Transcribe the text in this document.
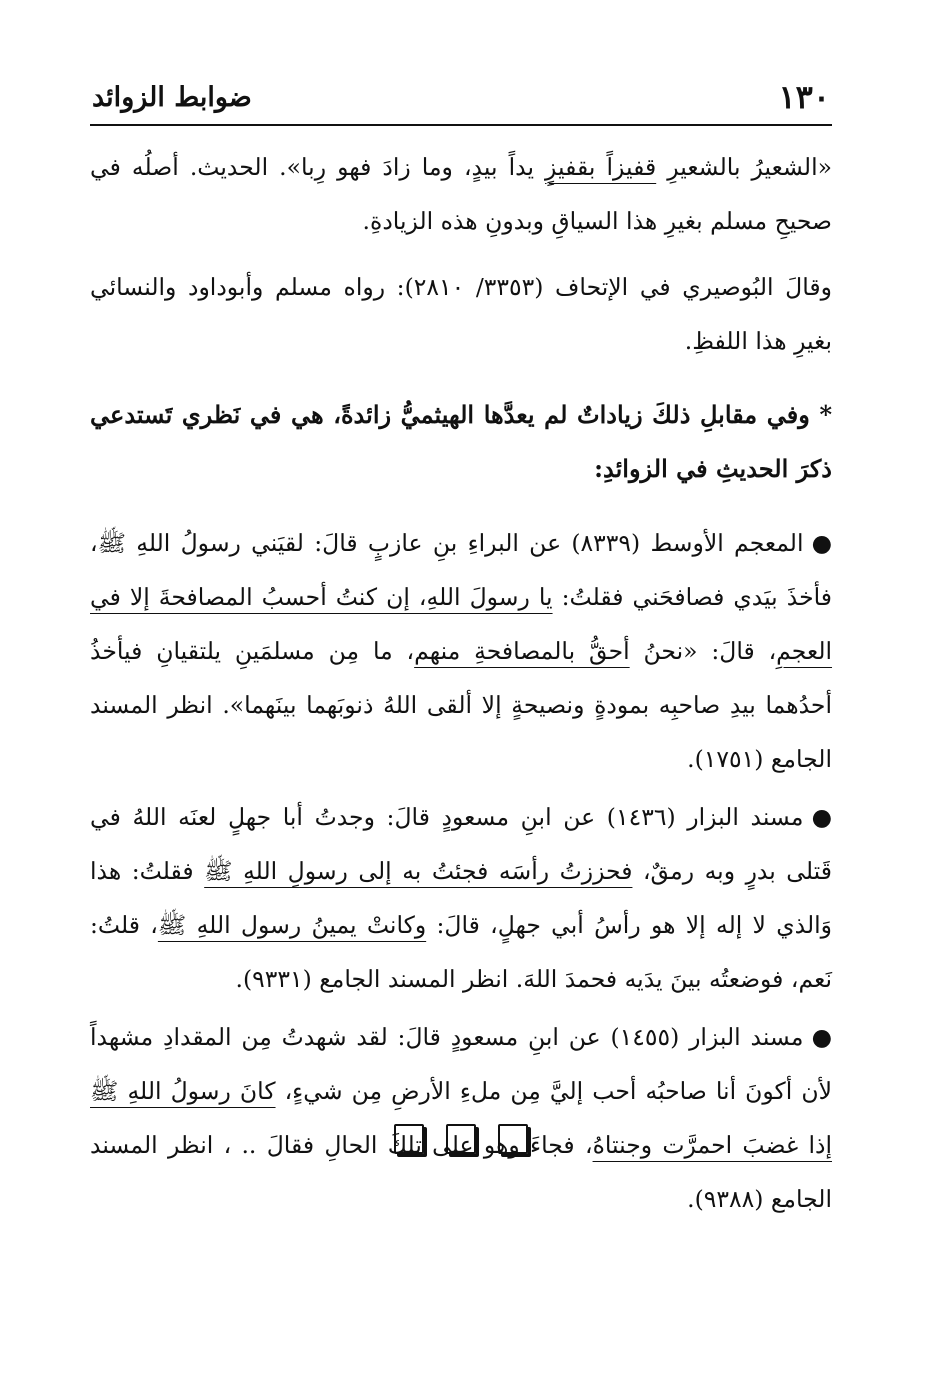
١٣٠
ضوابط الزوائد

«الشعيرُ بالشعيرِ قفيزاً بقفيزٍ يداً بيدٍ، وما زادَ فهو رِبا». الحديث. أصلُه في صحيحِ مسلم بغيرِ هذا السياقِ وبدونِ هذه الزيادةِ.

وقالَ البُوصيري في الإتحاف (٣٣٥٣/ ٢٨١٠): رواه مسلم وأبوداود والنسائي بغيرِ هذا اللفظِ.

* وفي مقابلِ ذلكَ زياداتٌ لم يعدَّها الهيثميُّ زائدةً، هي في نَظري تَستدعي ذكرَ الحديثِ في الزوائدِ:

●المعجم الأوسط (٨٣٣٩) عن البراءِ بنِ عازبٍ قالَ: لقيَني رسولُ اللهِ ﷺ، فأخذَ بيَدي فصافحَني فقلتُ: يا رسولَ اللهِ، إن كنتُ أحسبُ المصافحةَ إلا في العجمِ، قالَ: «نحنُ أحقُّ بالمصافحةِ منهم، ما مِن مسلمَينِ يلتقيانِ فيأخذُ أحدُهما بيدِ صاحبِه بمودةٍ ونصيحةٍ إلا ألقى اللهُ ذنوبَهما بينَهما». انظر المسند الجامع (١٧٥١).

●مسند البزار (١٤٣٦) عن ابنِ مسعودٍ قالَ: وجدتُ أبا جهلٍ لعنَه اللهُ في قَتلى بدرٍ وبه رمقٌ، فحززتُ رأسَه فجئتُ به إلى رسولِ اللهِ ﷺ فقلتُ: هذا وَالذي لا إله إلا هو رأسُ أبي جهلٍ، قالَ: وكانتْ يمينُ رسول اللهِ ﷺ، قلتُ: نَعم، فوضعتُه بينَ يدَيه فحمدَ اللهَ. انظر المسند الجامع (٩٣٣١).

●مسند البزار (١٤٥٥) عن ابنِ مسعودٍ قالَ: لقد شهدتُ مِن المقدادِ مشهداً لأن أكونَ أنا صاحبُه أحب إليَّ مِن ملءِ الأرضِ مِن شيءٍ، كانَ رسولُ اللهِ ﷺ إذا غضبَ احمرَّت وجنتاهُ، فجاءَ وهو على تلكَ الحالِ فقالَ .. ، انظر المسند الجامع (٩٣٨٨).
